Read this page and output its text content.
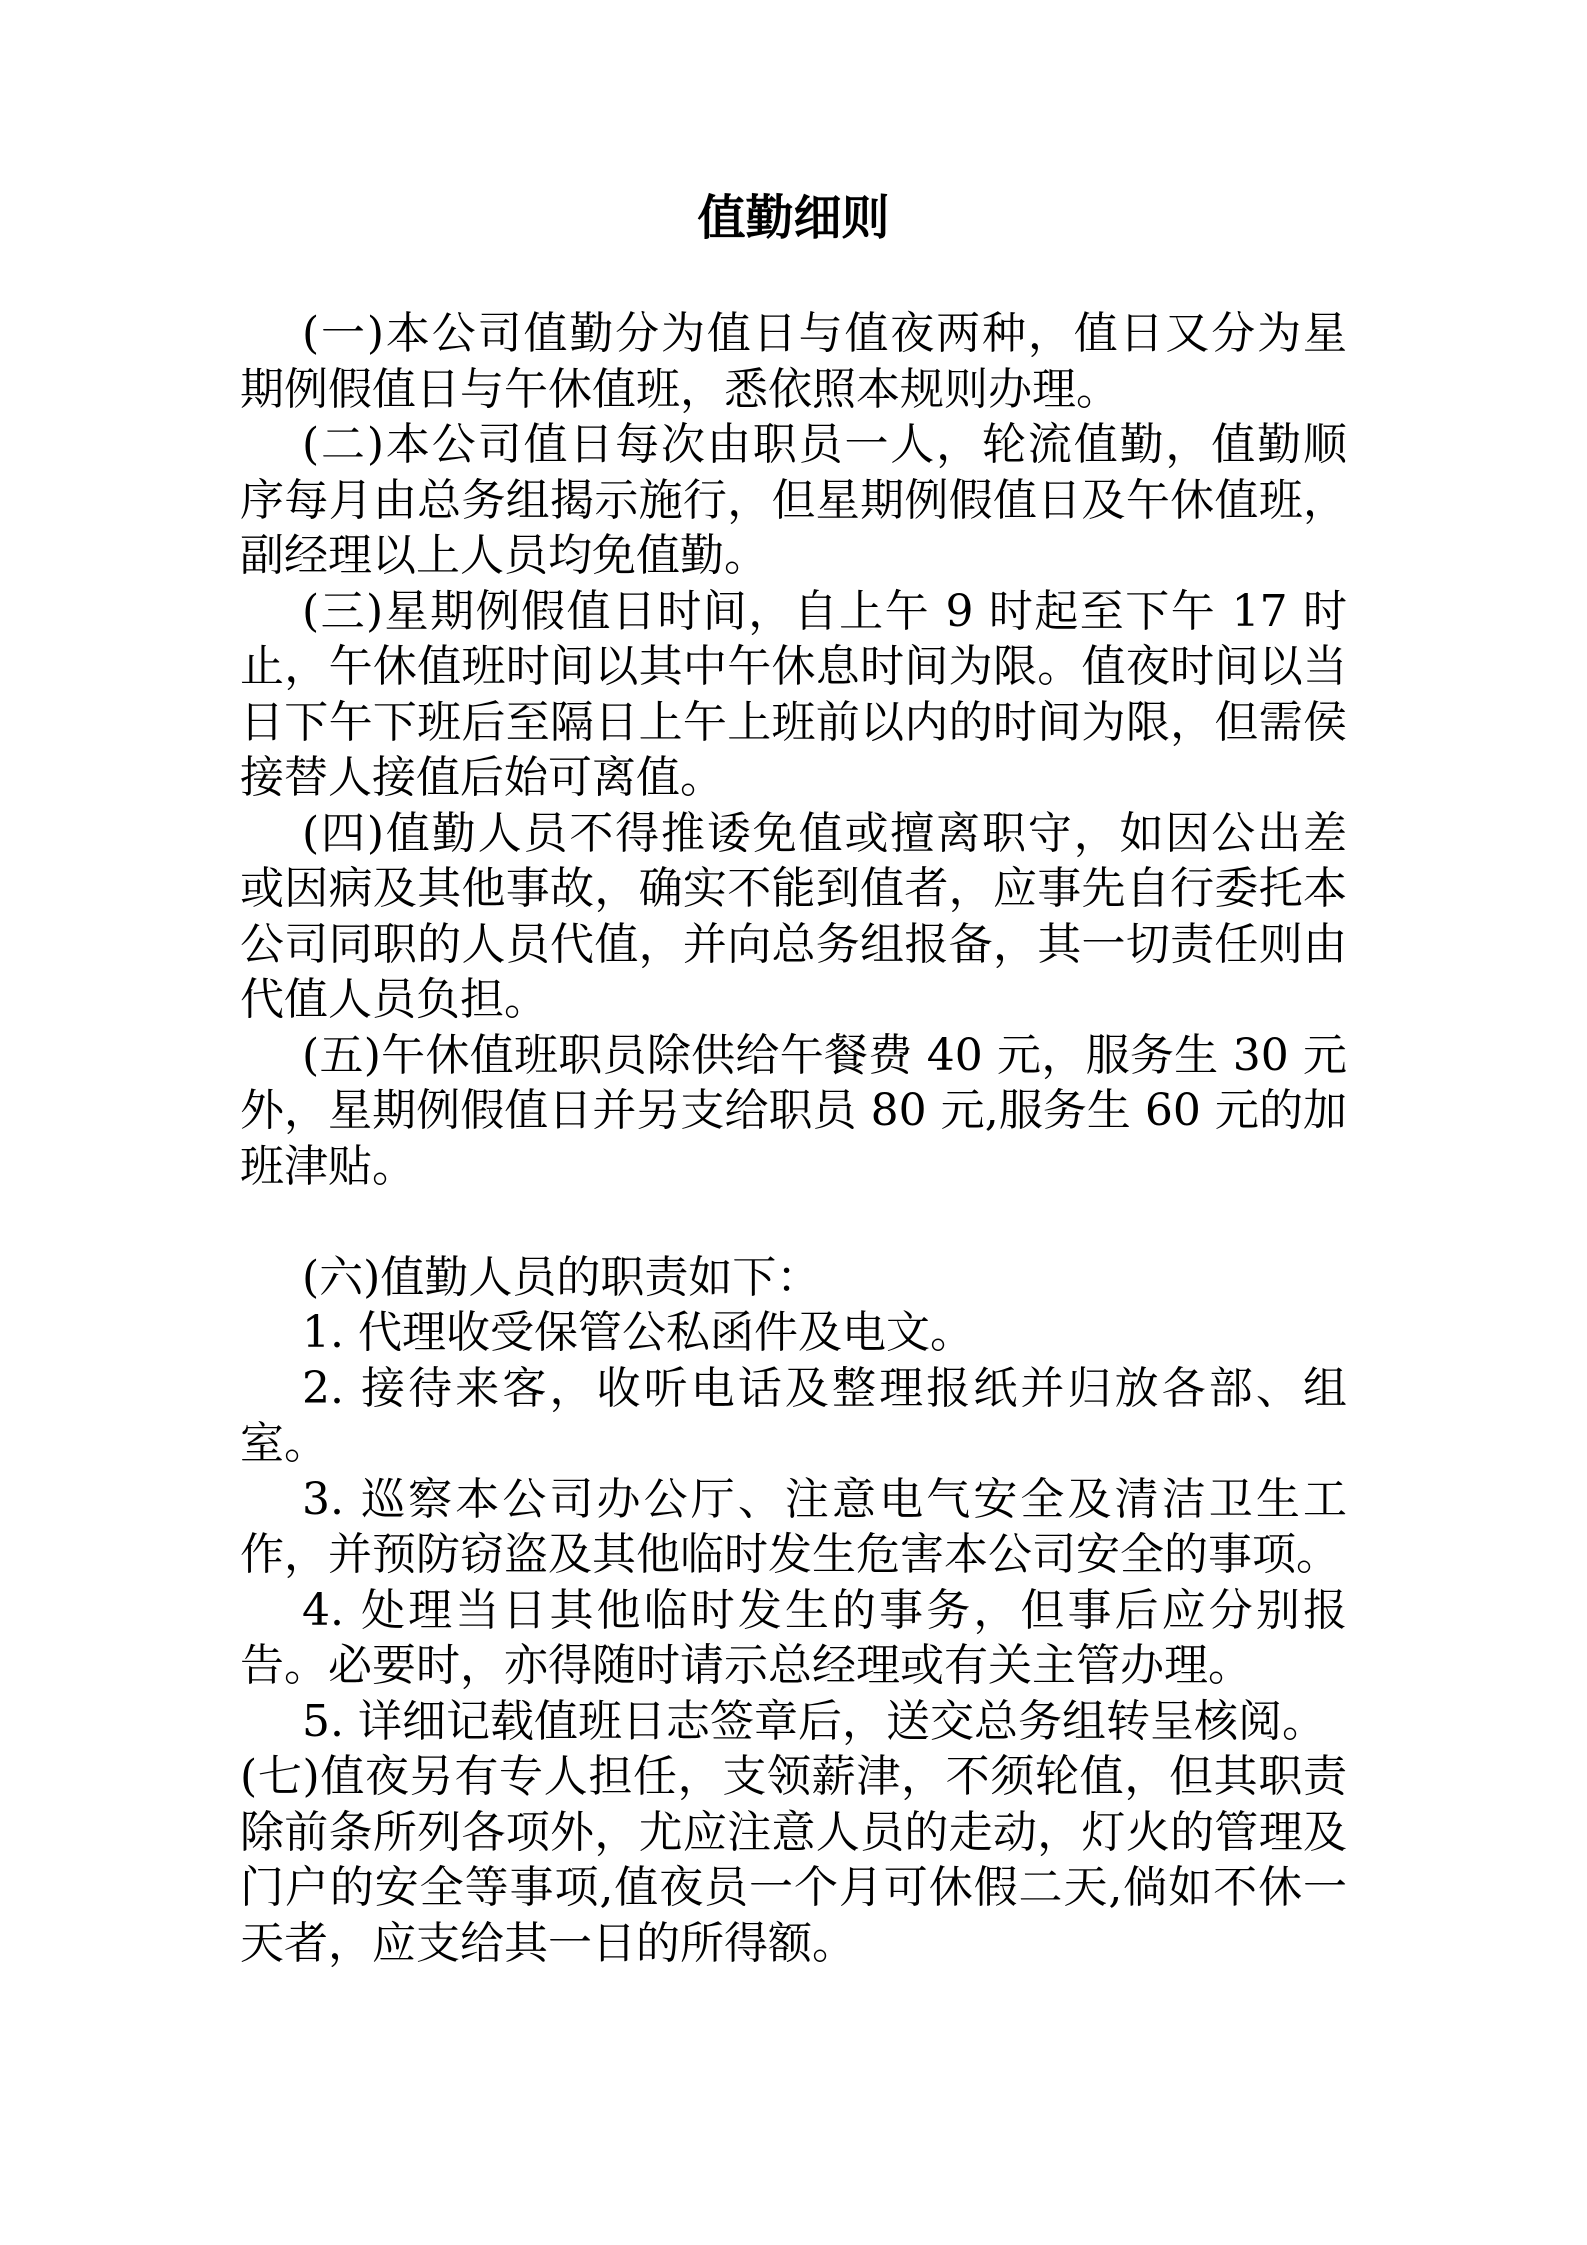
值勤细则

(一)本公司值勤分为值日与值夜两种，值日又分为星期例假值日与午休值班，悉依照本规则办理。

(二)本公司值日每次由职员一人，轮流值勤，值勤顺序每月由总务组揭示施行，但星期例假值日及午休值班，副经理以上人员均免值勤。

(三)星期例假值日时间，自上午 9 时起至下午 17 时止，午休值班时间以其中午休息时间为限。值夜时间以当日下午下班后至隔日上午上班前以内的时间为限，但需侯接替人接值后始可离值。

(四)值勤人员不得推诿免值或擅离职守，如因公出差或因病及其他事故，确实不能到值者，应事先自行委托本公司同职的人员代值，并向总务组报备，其一切责任则由代值人员负担。

(五)午休值班职员除供给午餐费 40 元，服务生 30 元外，星期例假值日并另支给职员 80 元,服务生 60 元的加班津贴。

(六)值勤人员的职责如下：

1. 代理收受保管公私函件及电文。

2. 接待来客，收听电话及整理报纸并归放各部、组室。

3. 巡察本公司办公厅、注意电气安全及清洁卫生工作，并预防窃盗及其他临时发生危害本公司安全的事项。

4. 处理当日其他临时发生的事务，但事后应分别报告。必要时，亦得随时请示总经理或有关主管办理。

5. 详细记载值班日志签章后，送交总务组转呈核阅。

(七)值夜另有专人担任，支领薪津，不须轮值，但其职责除前条所列各项外，尤应注意人员的走动，灯火的管理及门户的安全等事项,值夜员一个月可休假二天,倘如不休一天者，应支给其一日的所得额。
